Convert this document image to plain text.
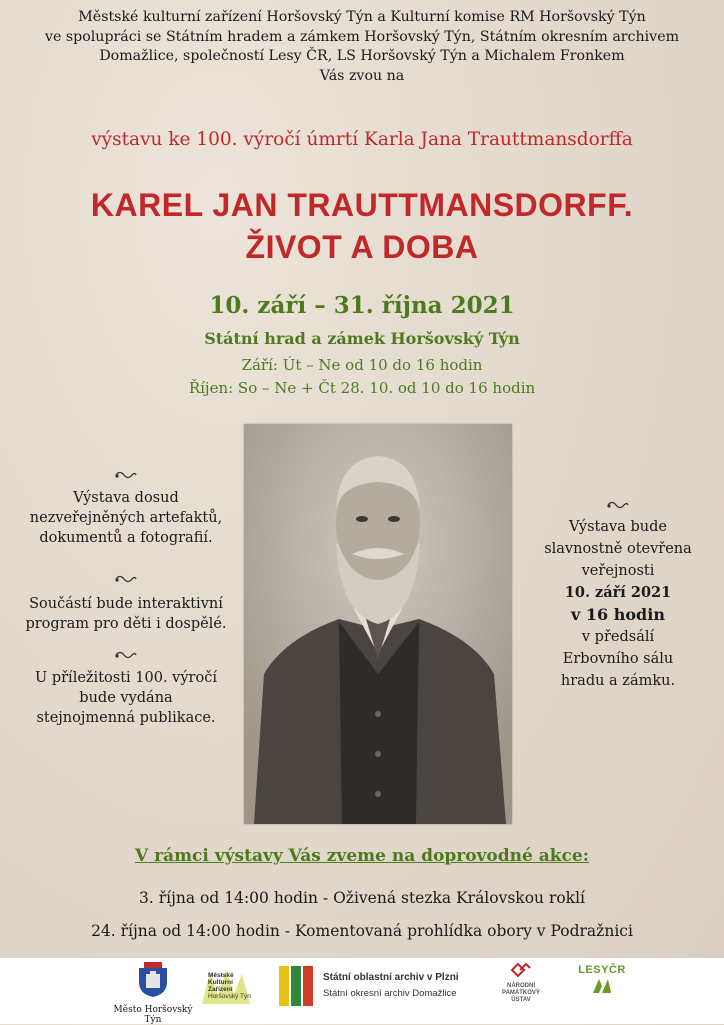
Městské kulturní zařízení Horšovský Týn a Kulturní komise RM Horšovský Týn
ve spolupráci se Státním hradem a zámkem Horšovský Týn, Státním okresním archivem
Domažlice, společností Lesy ČR, LS Horšovský Týn a Michalem Fronkem
Vás zvou na
výstavu ke 100. výročí úmrtí Karla Jana Trauttmansdorffa
KAREL JAN TRAUTTMANSDORFF.
ŽIVOT A DOBA
10. září – 31. října 2021
Státní hrad a zámek Horšovský Týn
Září: Út – Ne od 10 do 16 hodin
Říjen: So – Ne + Čt 28. 10. od 10 do 16 hodin
Výstava dosud
nezveřejněných artefaktů,
dokumentů a fotografií.
Součástí bude interaktivní
program pro děti i dospělé.
U příležitosti 100. výročí
bude vydána
stejnojmenná publikace.
Výstava bude
slavnostně otevřena
veřejnosti
10. září 2021
v 16 hodin
v předsálí
Erbovního sálu
hradu a zámku.
V rámci výstavy Vás zveme na doprovodné akce:
3. října od 14:00 hodin - Oživená stezka Královskou roklí
24. října od 14:00 hodin - Komentovaná prohlídka obory v Podražnici
Město Horšovský Týn
Městské
Kulturní
Zařízení
Horšovský Týn
Státní oblastní archiv v Plzni
Státní okresní archiv Domažlice
NÁRODNÍ
PAMÁTKOVÝ
ÚSTAV
LESYČR
